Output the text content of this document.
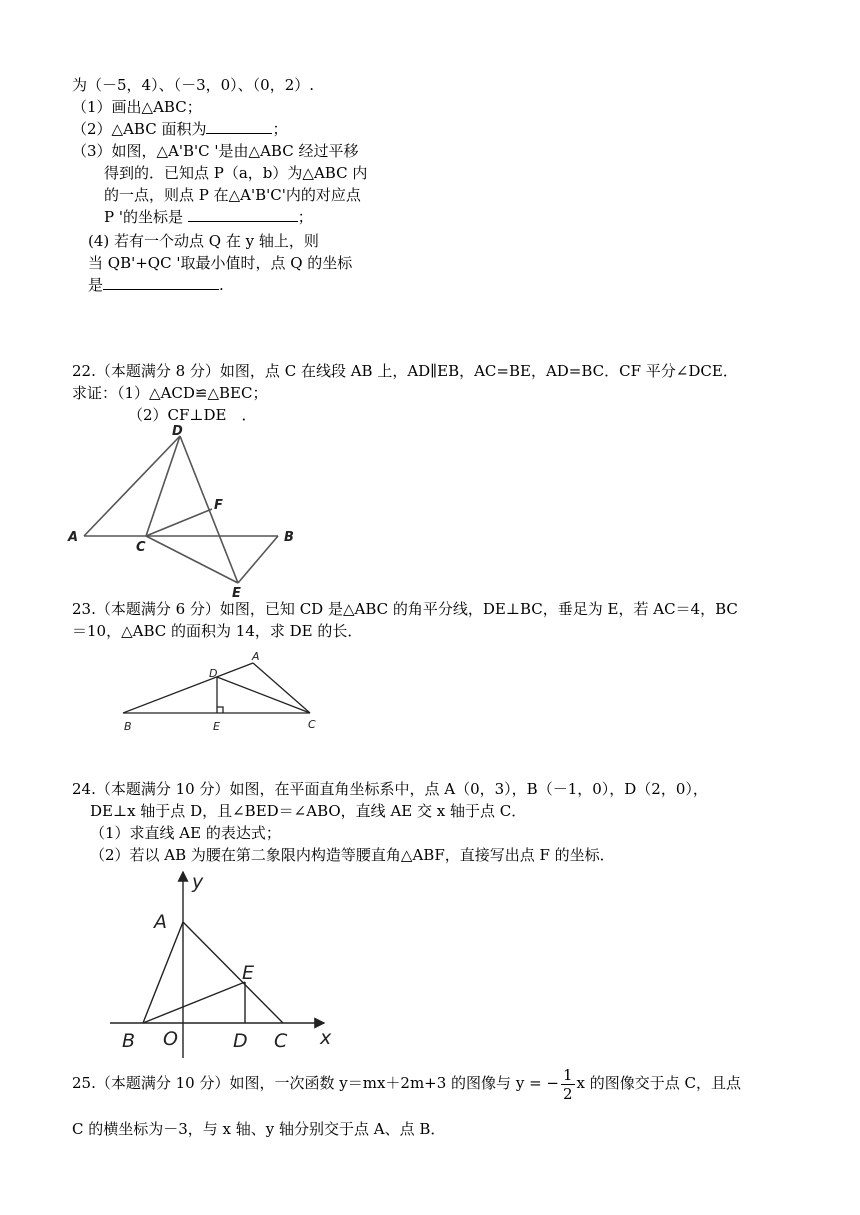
为（－5，4）、（－3，0）、（0，2）.
（1）画出△ABC；
（2）△ABC 面积为	；
（3）如图，△A'B'C '是由△ABC 经过平移
得到的．已知点 P（a，b）为△ABC 内
的一点，则点 P 在△A'B'C'内的对应点
P '的坐标是	；
(4) 若有一个动点 Q 在 y 轴上，则
当 QB'+QC '取最小值时，点 Q 的坐标
是	.
22.（本题满分 8 分）如图，点 C 在线段 AB 上，AD∥EB，AC=BE，AD=BC．CF 平分∠DCE．
求证：（1）△ACD≌△BEC；
（2）CF⊥DE　．
D
F
A
C
B
E
23.（本题满分 6 分）如图，已知 CD 是△ABC 的角平分线，DE⊥BC，垂足为 E，若 AC＝4，BC
＝10，△ABC 的面积为 14，求 DE 的长．
A
D
B	E	C
24.（本题满分 10 分）如图，在平面直角坐标系中，点 A（0，3），B（－1，0），D（2，0），
DE⊥x 轴于点 D，且∠BED＝∠ABO，直线 AE 交 x 轴于点 C．
（1）求直线 AE 的表达式；
（2）若以 AB 为腰在第二象限内构造等腰直角△ABF，直接写出点 F 的坐标．
y
A
E
B O	D C x
25.（本题满分 10 分）如图，一次函数 y＝mx＋2m+3 的图像与 y = − $\frac{1}{2}$ x 的图像交于点 C，且点
C 的横坐标为－3，与 x 轴、y 轴分别交于点 A、点 B．
